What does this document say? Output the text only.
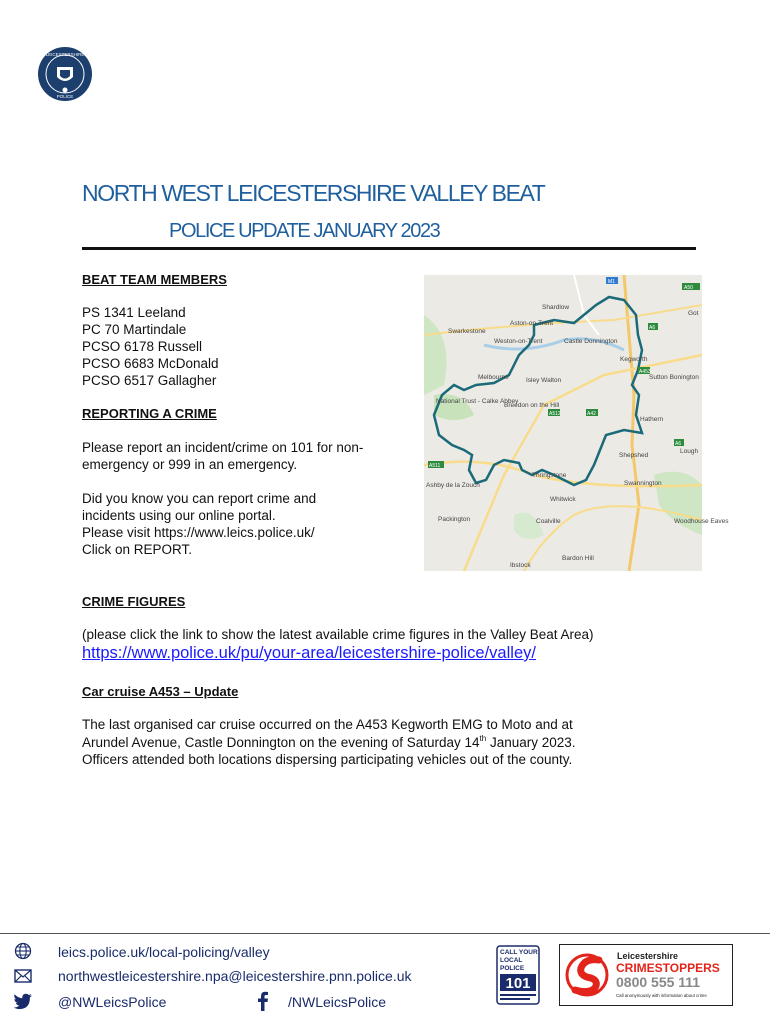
LEICESTERSHIRE
POLICE
NORTH WEST LEICESTERSHIRE VALLEY BEAT
POLICE UPDATE JANUARY 2023
BEAT TEAM MEMBERS
PS 1341 Leeland
PC 70 Martindale
PCSO 6178 Russell
PCSO 6683 McDonald
PCSO 6517 Gallagher
REPORTING A CRIME
Please report an incident/crime on 101 for non-
emergency or 999 in an emergency.
Did you know you can report crime and
incidents using our online portal.
Please visit https://www.leics.police.uk/
Click on REPORT.
Shardlow
Swarkestone
Aston-on-Trent
Weston-on-Trent	Castle Donnington
Kegworth
Melbourne	Isley Walton	Sutton Bonington
National Trust - Calke Abbey
Breedon on the Hill
Hathern
Shepshed
Lough
Ashby de la Zouch
Thringstone
Whitwick
Swannington
Packington	Coalville	Woodhouse Eaves
Bardon Hill
Ibstock
Got
M1
A50
A6
A42
A453
A512
A511
A6
CRIME FIGURES
(please click the link to show the latest available crime figures in the Valley Beat Area)
https://www.police.uk/pu/your-area/leicestershire-police/valley/
Car cruise A453 – Update
The last organised car cruise occurred on the A453 Kegworth EMG to Moto and at
Arundel Avenue, Castle Donnington on the evening of Saturday 14th January 2023.
Officers attended both locations dispersing participating vehicles out of the county.
leics.police.uk/local-policing/valley
northwestleicestershire.npa@leicestershire.pnn.police.uk
@NWLeicsPolice	/NWLeicsPolice
CALL YOUR
LOCAL
POLICE
101
Leicestershire
CRIMESTOPPERS
0800 555 111
Call anonymously with information about crime
